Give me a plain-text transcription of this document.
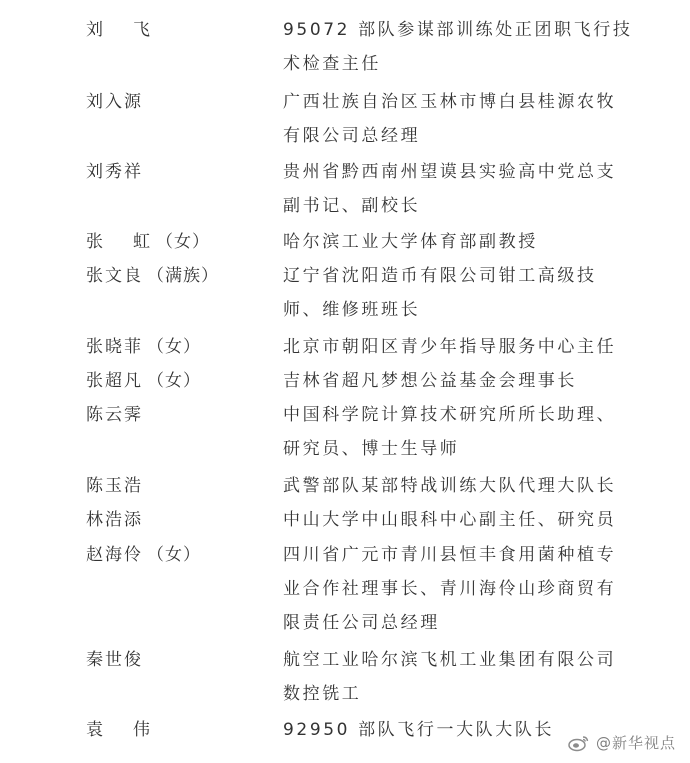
刘 飞	95072 部队参谋部训练处正团职飞行技
术检查主任
刘入源	广西壮族自治区玉林市博白县桂源农牧
有限公司总经理
刘秀祥	贵州省黔西南州望谟县实验高中党总支
副书记、副校长
张 虹 （女）	哈尔滨工业大学体育部副教授
张文良 （满族）	辽宁省沈阳造币有限公司钳工高级技
师、维修班班长
张晓菲 （女）	北京市朝阳区青少年指导服务中心主任
张超凡 （女）	吉林省超凡梦想公益基金会理事长
陈云霁	中国科学院计算技术研究所所长助理、
研究员、博士生导师
陈玉浩	武警部队某部特战训练大队代理大队长
林浩添	中山大学中山眼科中心副主任、研究员
赵海伶 （女）	四川省广元市青川县恒丰食用菌种植专
业合作社理事长、青川海伶山珍商贸有
限责任公司总经理
秦世俊	航空工业哈尔滨飞机工业集团有限公司
数控铣工
袁 伟	92950 部队飞行一大队大队长
@新华视点
